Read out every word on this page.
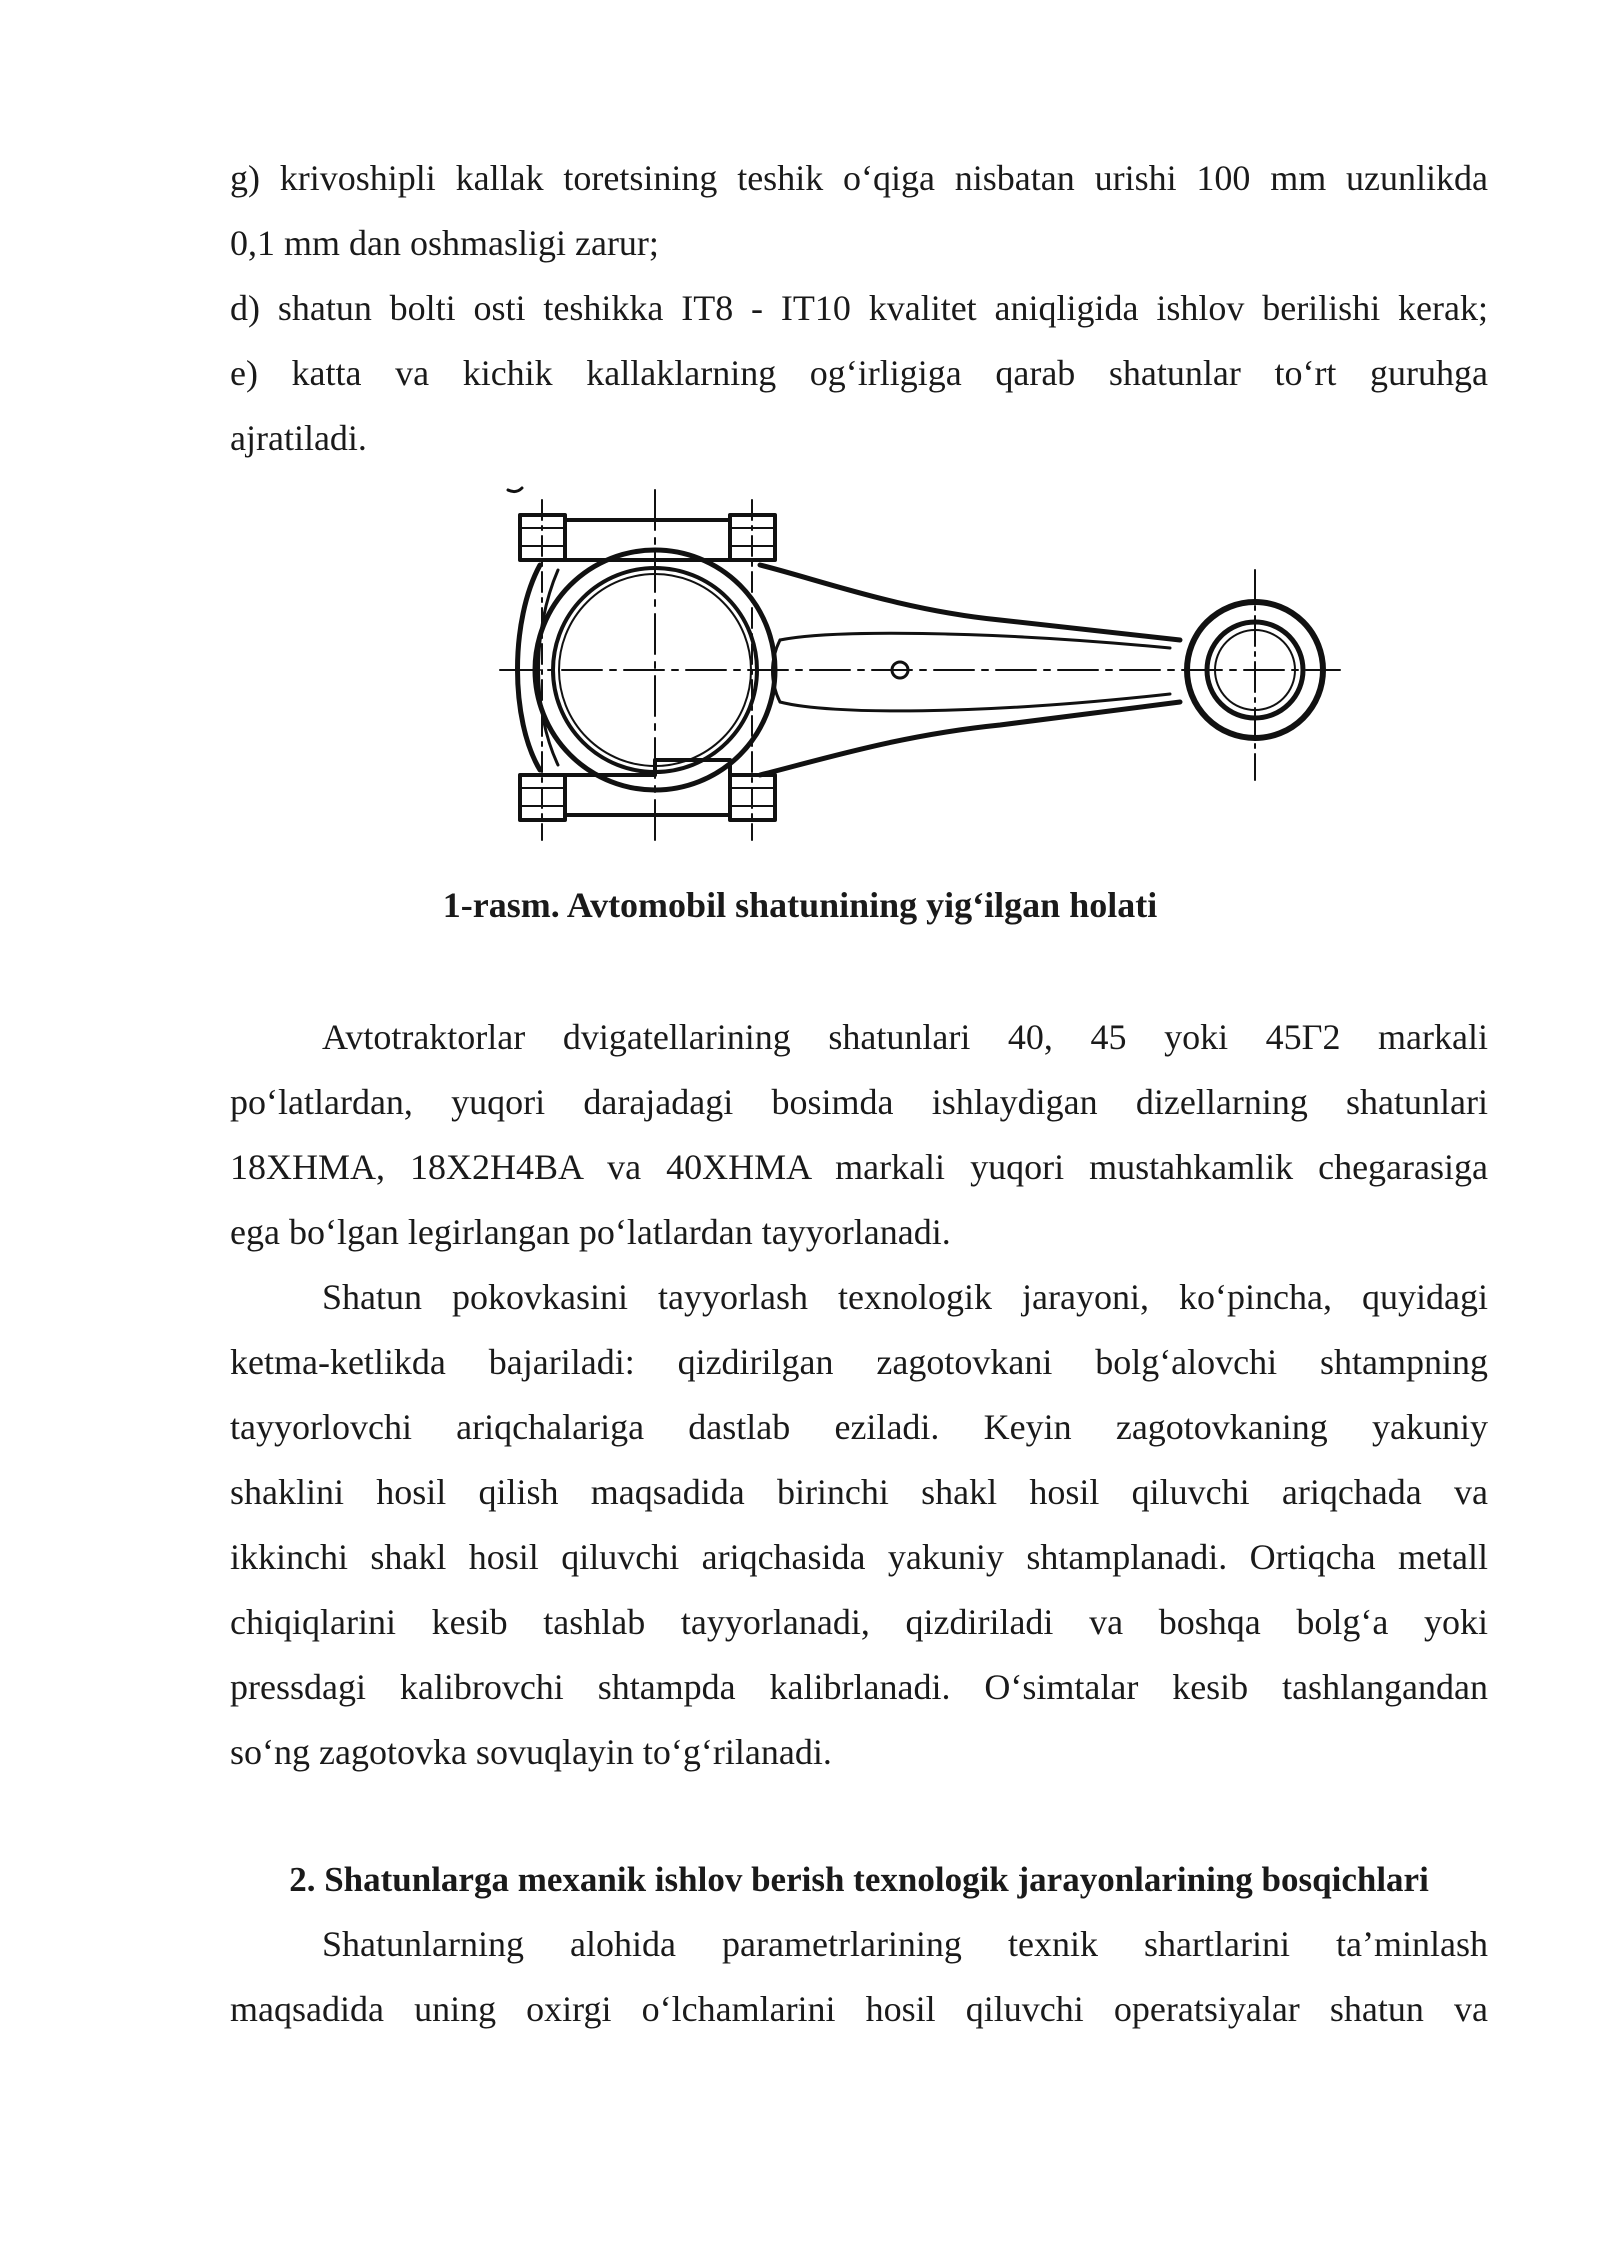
g) krivoshipli kallak toretsining teshik o‘qiga nisbatan urishi 100 mm uzunlikda
0,1 mm dan oshmasligi zarur;
d) shatun bolti osti teshikka IT8 - IT10 kvalitet aniqligida ishlov berilishi kerak;
e) katta va kichik kallaklarning og‘irligiga qarab shatunlar to‘rt guruhga
ajratiladi.
1-rasm. Avtomobil shatunining yig‘ilgan holati
Avtotraktorlar dvigatellarining shatunlari 40, 45 yoki 45Г2 markali
po‘latlardan, yuqori darajadagi bosimda ishlaydigan dizellarning shatunlari
18XHMA, 18X2H4BA va 40XHMA markali yuqori mustahkamlik chegarasiga
ega bo‘lgan legirlangan po‘latlardan tayyorlanadi.
Shatun pokovkasini tayyorlash texnologik jarayoni, ko‘pincha, quyidagi
ketma-ketlikda bajariladi: qizdirilgan zagotovkani bolg‘alovchi shtampning
tayyorlovchi ariqchalariga dastlab eziladi. Keyin zagotovkaning yakuniy
shaklini hosil qilish maqsadida birinchi shakl hosil qiluvchi ariqchada va
ikkinchi shakl hosil qiluvchi ariqchasida yakuniy shtamplanadi. Ortiqcha metall
chiqiqlarini kesib tashlab tayyorlanadi, qizdiriladi va boshqa bolg‘a yoki
pressdagi kalibrovchi shtampda kalibrlanadi. O‘simtalar kesib tashlangandan
so‘ng zagotovka sovuqlayin to‘g‘rilanadi.
2. Shatunlarga mexanik ishlov berish texnologik jarayonlarining bosqichlari
Shatunlarning alohida parametrlarining texnik shartlarini ta’minlash
maqsadida uning oxirgi o‘lchamlarini hosil qiluvchi operatsiyalar shatun va
